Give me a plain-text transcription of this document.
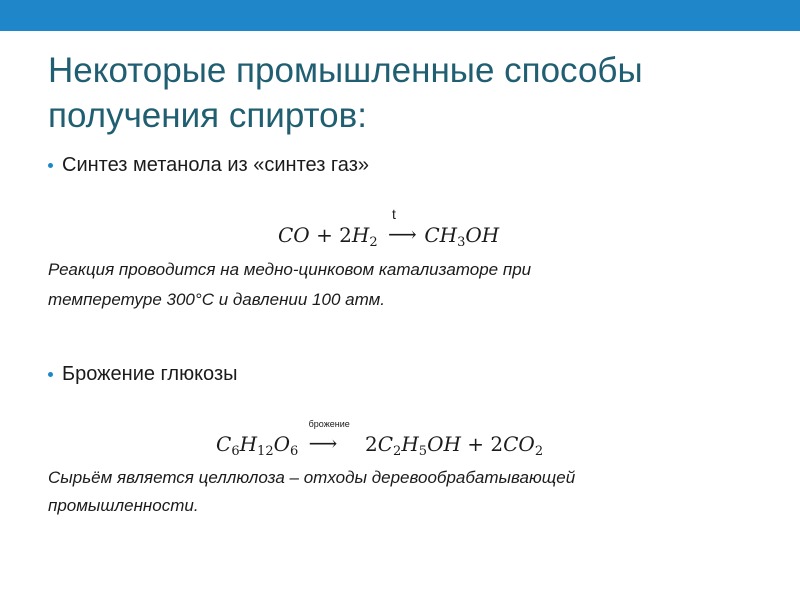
Некоторые промышленные способы
получения спиртов:
Синтез метанола из «синтез газ»
CO + $2H_2$
t
⟶ $CH_3OH$
Реакция проводится на медно-цинковом катализаторе при
темпеpетуре 300°С и давлении 100 атм.
Брожение глюкозы
$C_6H_{12}O_6$
брожение
⟶ $2C_2H_5OH + 2CO_2$
Сырьём является целлюлоза – отходы деревообрабатывающей
промышленности.
